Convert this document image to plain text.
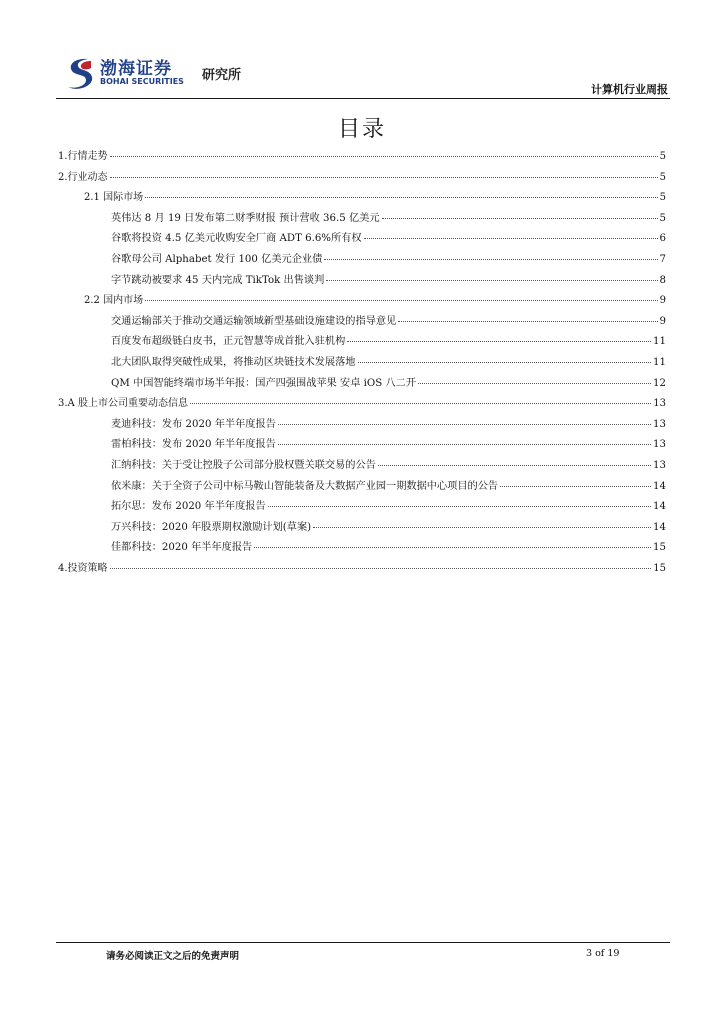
渤海证券
BOHAI SECURITIES 研究所
计算机行业周报
目录
1.行情走势	5
2.行业动态	5
2.1 国际市场	5
英伟达 8 月 19 日发布第二财季财报 预计营收 36.5 亿美元	5
谷歌将投资 4.5 亿美元收购安全厂商 ADT 6.6%所有权	6
谷歌母公司 Alphabet 发行 100 亿美元企业债	7
字节跳动被要求 45 天内完成 TikTok 出售谈判	8
2.2 国内市场	9
交通运输部关于推动交通运输领域新型基础设施建设的指导意见	9
百度发布超级链白皮书，正元智慧等成首批入驻机构	11
北大团队取得突破性成果，将推动区块链技术发展落地	11
QM 中国智能终端市场半年报：国产四强围战苹果 安卓 iOS 八二开	12
3.A 股上市公司重要动态信息	13
麦迪科技：发布 2020 年半年度报告	13
雷柏科技：发布 2020 年半年度报告	13
汇纳科技：关于受让控股子公司部分股权暨关联交易的公告	13
依米康：关于全资子公司中标马鞍山智能装备及大数据产业园一期数据中心项目的公告	14
拓尔思：发布 2020 年半年度报告	14
万兴科技：2020 年股票期权激励计划(草案)	14
佳都科技：2020 年半年度报告	15
4.投资策略	15
请务必阅读正文之后的免责声明	3 of 19
